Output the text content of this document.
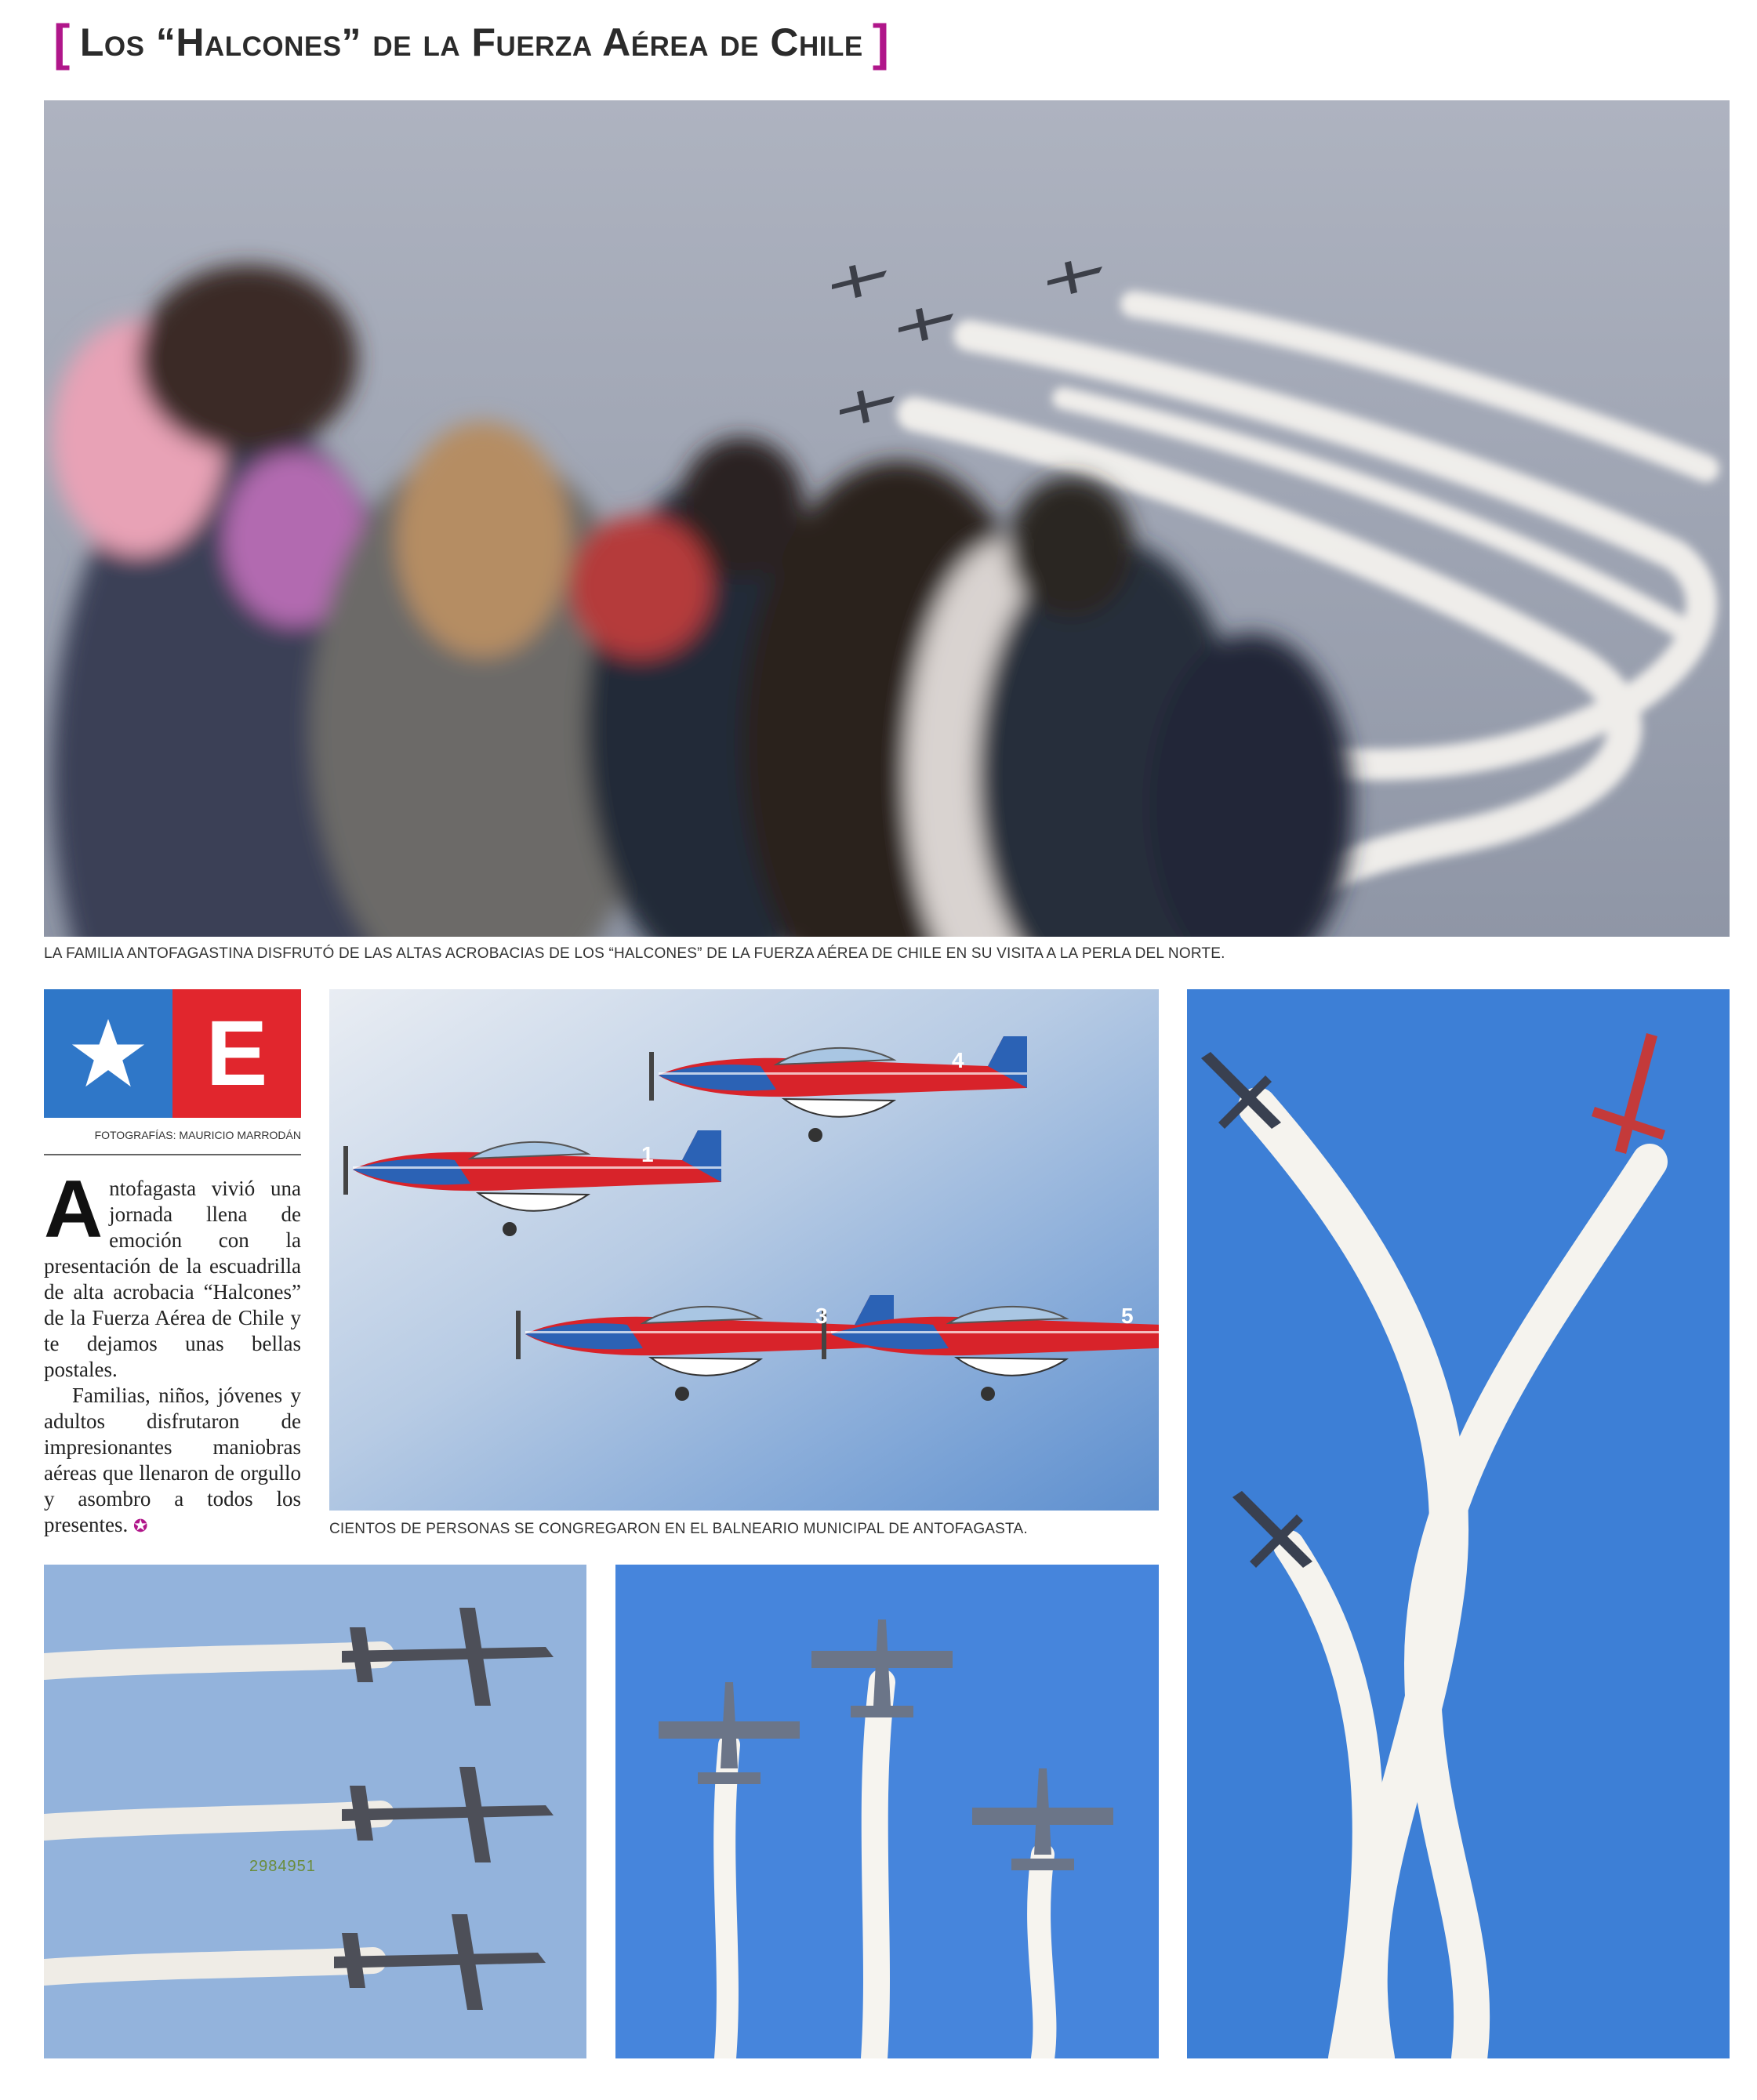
[ Los “Halcones” de la Fuerza Aérea de Chile ]
LA FAMILIA ANTOFAGASTINA DISFRUTÓ DE LAS ALTAS ACROBACIAS DE LOS “HALCONES” DE LA FUERZA AÉREA DE CHILE EN SU VISITA A LA PERLA DEL NORTE.
E
FOTOGRAFÍAS: MAURICIO MARRODÁN

Antofagasta vivió una jornada llena de emoción con la presentación de la escuadrilla de alta acrobacia “Halcones” de la Fuerza Aérea de Chile y te dejamos unas bellas postales.

Familias, niños, jóvenes y adultos disfrutaron de impresionantes maniobras aéreas que llenaron de orgullo y asombro a todos los presentes. ✪

1
4
3	5
CIENTOS DE PERSONAS SE CONGREGARON EN EL BALNEARIO MUNICIPAL DE ANTOFAGASTA.
2984951
